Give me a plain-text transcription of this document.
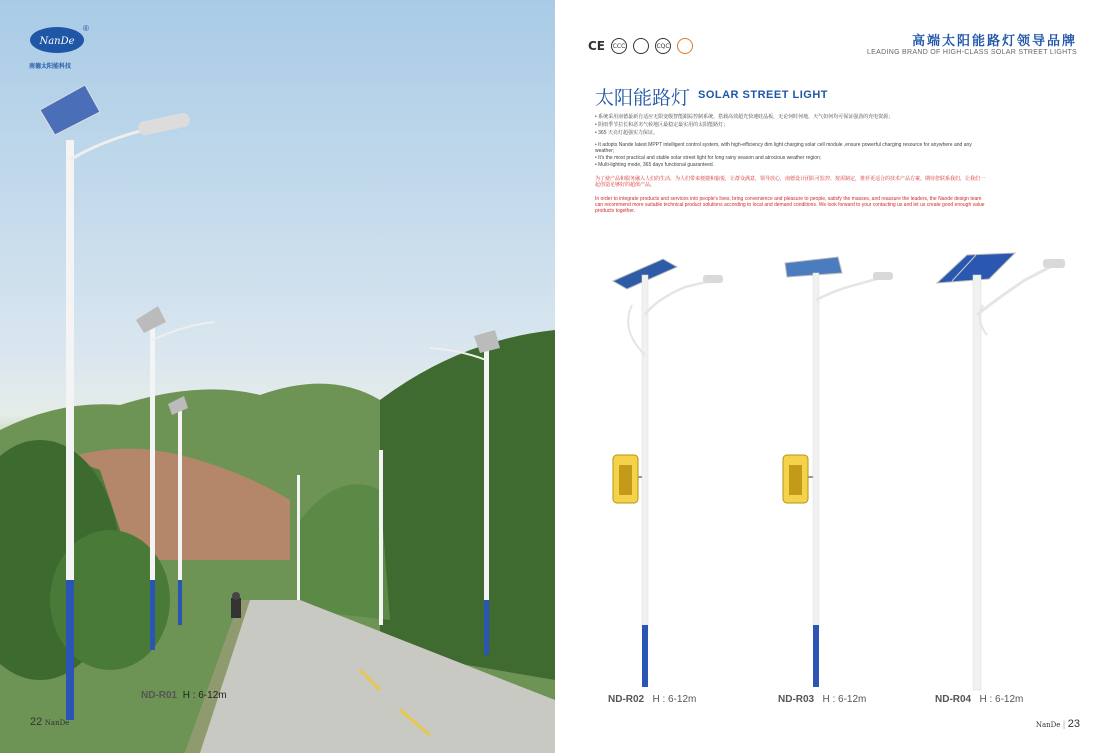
NanDe
®
南德太阳能科技
ND-R01 H : 6-12m
22 NanDe
CE CCC	CQC	高端太阳能路灯领导品牌
LEADING BRAND OF HIGH-CLASS SOLAR STREET LIGHTS
太阳能路灯 SOLAR STREET LIGHT
• 系统采用南德最新自适应无限变级智能跟踪控制系统，搭载高效超光快速硅晶板，无论何时何地，天气如何均可保证强劲的充电资源；
• 阴雨季节拉长和恶劣气候地区最稳定最实用的太阳能路灯；
• 365 天亮灯超强实力保证。
• It adopts Nande latest MPPT intelligent control system, with high-efficiency dim light charging solar cell module ,ensure powerful charging resource for anywhere and any weather;
• It's the most practical and stable solar street light for long rainy season and atrocious weather region;
• Multi-lighting mode, 365 days functional guaranteed.
为了使产品和服务融入人们的生活，为人们带来便捷和愉悦，让群众满意，领导放心，南德设计团队可监控、按需制定，推荐更适合的技术产品方案。期待您联系我们，让我们一起创造足够好的超值产品。
In order to integrate products and services into people's lives, bring convenience and pleasure to people, satisfy the masses, and reassure the leaders, the Nande design team can recommend more suitable technical product solutions according to local and demand conditions. We look forward to your contacting us and let us create good enough value products together.
ND-R02 H : 6-12m	ND-R03 H : 6-12m	ND-R04 H : 6-12m
NanDe | 23
